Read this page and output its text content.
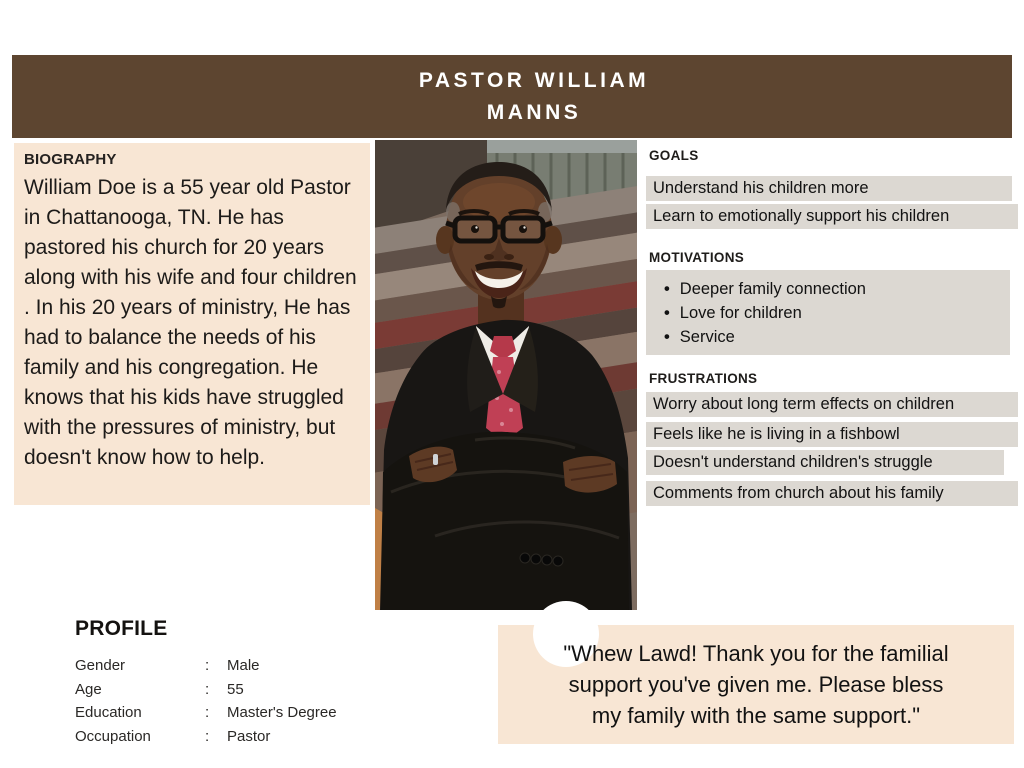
PASTOR WILLIAM
MANNS
BIOGRAPHY
William Doe is a 55 year old Pastor in Chattanooga, TN. He has pastored his church for 20 years along with his wife and four children . In his 20 years of ministry, He has had to balance the needs of his family and his congregation. He knows that his kids have struggled with the pressures of ministry, but doesn't know how to help.
GOALS
Understand his children more
Learn to emotionally support his children
MOTIVATIONS
• Deeper family connection
• Love for children
• Service
FRUSTRATIONS
Worry about long term effects on children
Feels like he is living in a fishbowl
Doesn't understand children's struggle
Comments from church about his family
PROFILE
Gender	:	Male
Age	:	55
Education	:	Master's Degree
Occupation	:	Pastor
"Whew Lawd! Thank you for the familial
support you've given me. Please bless
my family with the same support."
